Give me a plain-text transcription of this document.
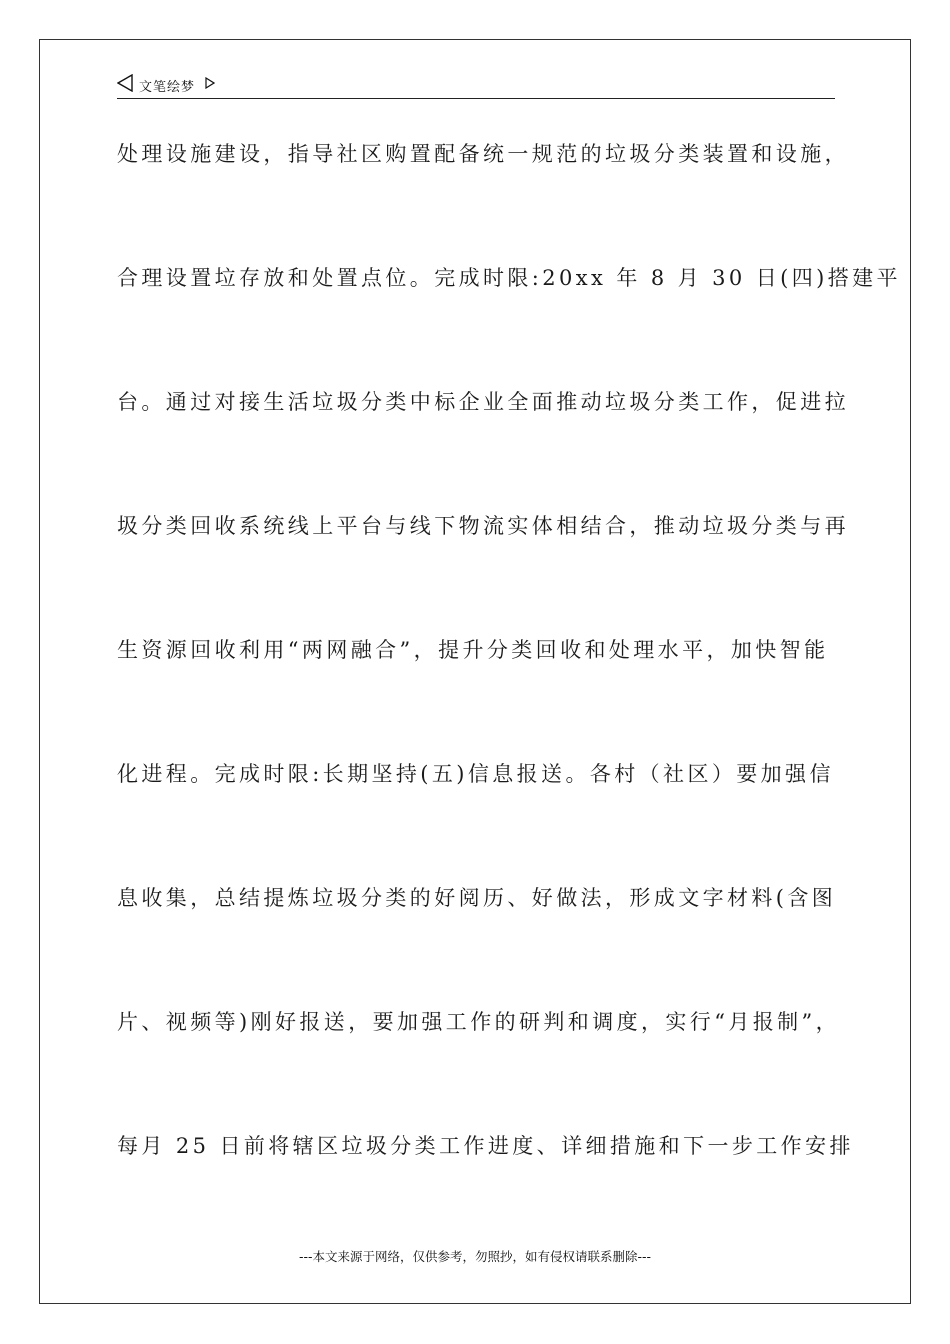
文笔绘梦
处理设施建设，指导社区购置配备统一规范的垃圾分类装置和设施，
合理设置垃存放和处置点位。完成时限:20xx 年 8 月 30 日(四)搭建平
台。通过对接生活垃圾分类中标企业全面推动垃圾分类工作，促进拉
圾分类回收系统线上平台与线下物流实体相结合，推动垃圾分类与再
生资源回收利用“两网融合”，提升分类回收和处理水平，加快智能
化进程。完成时限:长期坚持(五)信息报送。各村（社区）要加强信
息收集，总结提炼垃圾分类的好阅历、好做法，形成文字材料(含图
片、视频等)刚好报送，要加强工作的研判和调度，实行“月报制”，
每月 25 日前将辖区垃圾分类工作进度、详细措施和下一步工作安排
---本文来源于网络，仅供参考，勿照抄，如有侵权请联系删除---
